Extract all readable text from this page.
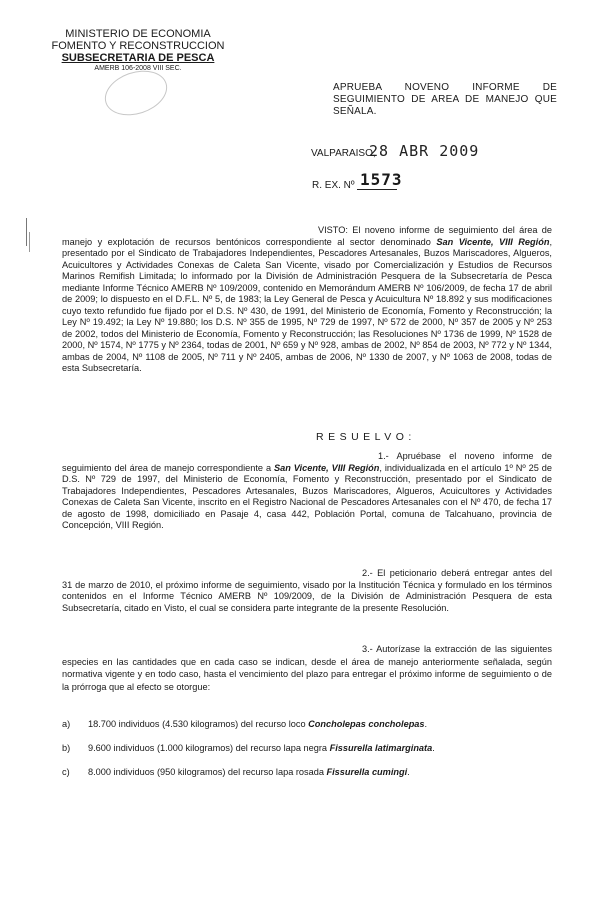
MINISTERIO DE ECONOMIA
FOMENTO Y RECONSTRUCCION
SUBSECRETARIA DE PESCA
AMERB 106-2008 VIII SEC.
APRUEBA NOVENO INFORME DE SEGUIMIENTO DE AREA DE MANEJO QUE SEÑALA.
VALPARAISO,
28 ABR 2009
R. EX. Nº 1573
VISTO: El noveno informe de seguimiento del área de manejo y explotación de recursos bentónicos correspondiente al sector denominado San Vicente, VIII Región, presentado por el Sindicato de Trabajadores Independientes, Pescadores Artesanales, Buzos Mariscadores, Algueros, Acuicultores y Actividades Conexas de Caleta San Vicente, visado por Comercialización y Estudios de Recursos Marinos Remifish Limitada; lo informado por la División de Administración Pesquera de la Subsecretaría de Pesca mediante Informe Técnico AMERB Nº 109/2009, contenido en Memorándum AMERB Nº 106/2009, de fecha 17 de abril de 2009; lo dispuesto en el D.F.L. Nº 5, de 1983; la Ley General de Pesca y Acuicultura Nº 18.892 y sus modificaciones cuyo texto refundido fue fijado por el D.S. Nº 430, de 1991, del Ministerio de Economía, Fomento y Reconstrucción; la Ley Nº 19.492; la Ley Nº 19.880; los D.S. Nº 355 de 1995, Nº 729 de 1997, Nº 572 de 2000, Nº 357 de 2005 y Nº 253 de 2002, todos del Ministerio de Economía, Fomento y Reconstrucción; las Resoluciones Nº 1736 de 1999, Nº 1528 de 2000, Nº 1574, Nº 1775 y Nº 2364, todas de 2001, Nº 659 y Nº 928, ambas de 2002, Nº 854 de 2003, Nº 772 y Nº 1344, ambas de 2004, Nº 1108 de 2005, Nº 711 y Nº 2405, ambas de 2006, Nº 1330 de 2007, y Nº 1063 de 2008, todas de esta Subsecretaría.
RESUELVO:
1.- Apruébase el noveno informe de seguimiento del área de manejo correspondiente a San Vicente, VIII Región, individualizada en el artículo 1º Nº 25 de D.S. Nº 729 de 1997, del Ministerio de Economía, Fomento y Reconstrucción, presentado por el Sindicato de Trabajadores Independientes, Pescadores Artesanales, Buzos Mariscadores, Algueros, Acuicultores y Actividades Conexas de Caleta San Vicente, inscrito en el Registro Nacional de Pescadores Artesanales con el Nº 470, de fecha 17 de agosto de 1998, domiciliado en Pasaje 4, casa 442, Población Portal, comuna de Talcahuano, provincia de Concepción, VIII Región.
2.- El peticionario deberá entregar antes del 31 de marzo de 2010, el próximo informe de seguimiento, visado por la Institución Técnica y formulado en los términos contenidos en el Informe Técnico AMERB Nº 109/2009, de la División de Administración Pesquera de esta Subsecretaría, citado en Visto, el cual se considera parte integrante de la presente Resolución.
3.- Autorízase la extracción de las siguientes especies en las cantidades que en cada caso se indican, desde el área de manejo anteriormente señalada, según normativa vigente y en todo caso, hasta el vencimiento del plazo para entregar el próximo informe de seguimiento o de la prórroga que al efecto se otorgue:
a) 18.700 individuos (4.530 kilogramos) del recurso loco Concholepas concholepas.
b) 9.600 individuos (1.000 kilogramos) del recurso lapa negra Fissurella latimarginata.
c) 8.000 individuos (950 kilogramos) del recurso lapa rosada Fissurella cumingi.
